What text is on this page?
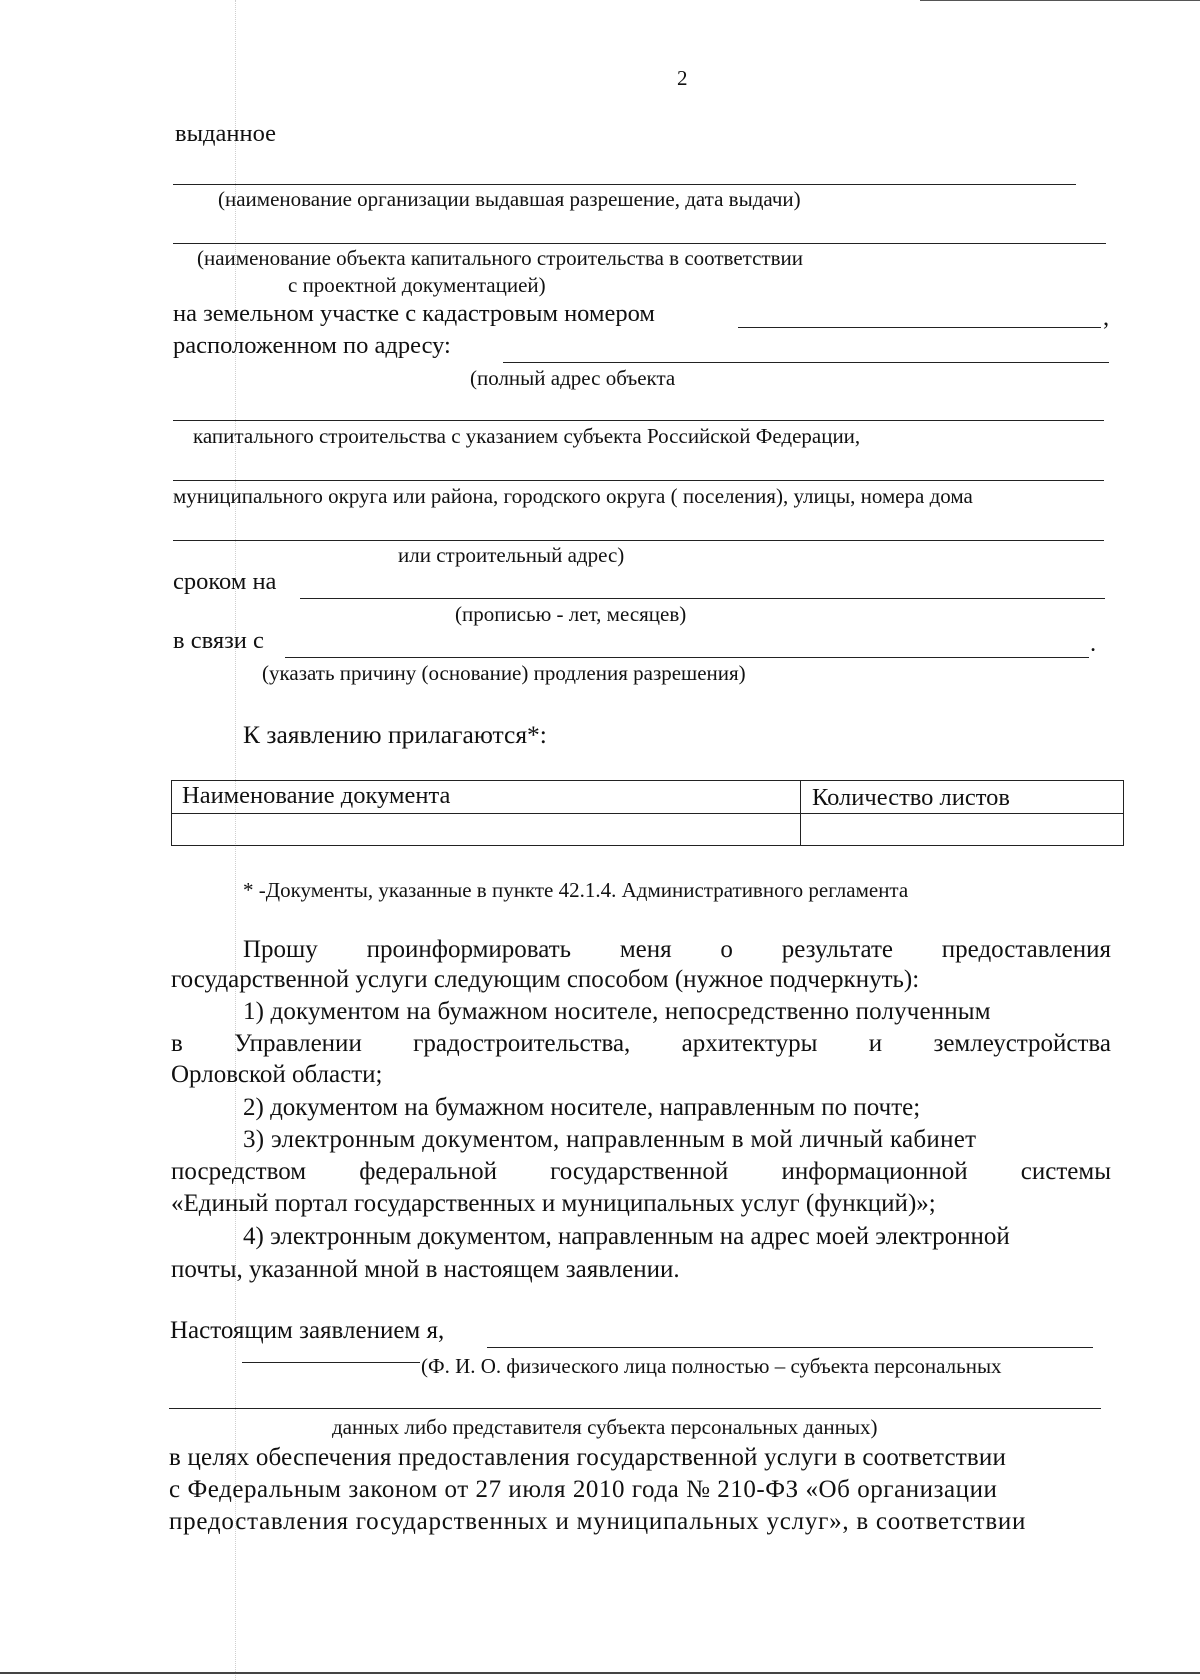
2
выданное
(наименование организации выдавшая разрешение, дата выдачи)
(наименование объекта капитального строительства в соответствии
с проектной документацией)
на земельном участке с кадастровым номером	,
расположенном по адресу:
(полный адрес объекта
капитального строительства с указанием субъекта Российской Федерации,
муниципального округа или района, городского округа ( поселения), улицы, номера дома
или строительный адрес)
сроком на
(прописью - лет, месяцев)
в связи с	.
(указать причину (основание) продления разрешения)
К заявлению прилагаются*:
Наименование документа	Количество листов
* -Документы, указанные в пункте 42.1.4. Административного регламента
Прошу проинформировать меня о результате предоставления
государственной услуги следующим способом (нужное подчеркнуть):
1) документом на бумажном носителе, непосредственно полученным
в Управлении градостроительства, архитектуры и землеустройства
Орловской области;
2) документом на бумажном носителе, направленным по почте;
3) электронным документом, направленным в мой личный кабинет
посредством федеральной государственной информационной системы
«Единый портал государственных и муниципальных услуг (функций)»;
4) электронным документом, направленным на адрес моей электронной
почты, указанной мной в настоящем заявлении.
Настоящим заявлением я,
(Ф. И. О. физического лица полностью – субъекта персональных
данных либо представителя субъекта персональных данных)
в целях обеспечения предоставления государственной услуги в соответствии
с Федеральным законом от 27 июля 2010 года № 210-ФЗ «Об организации
предоставления государственных и муниципальных услуг», в соответствии
